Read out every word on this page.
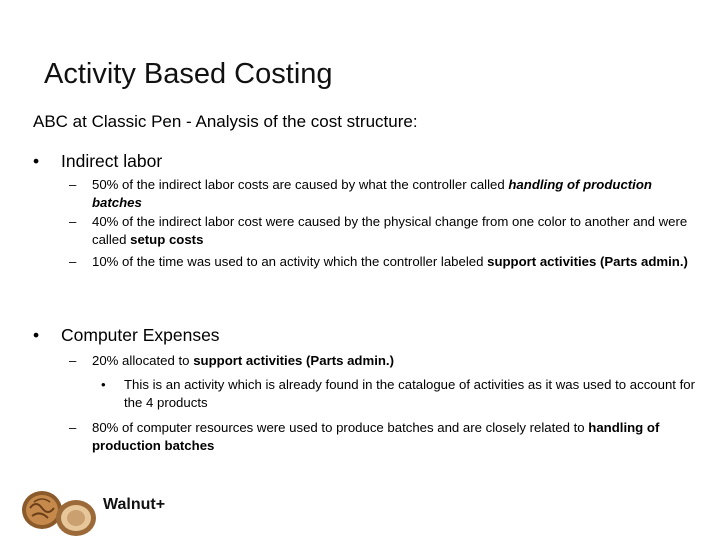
Activity Based Costing
ABC at Classic Pen - Analysis of the cost structure:
• Indirect labor
– 50% of the indirect labor costs are caused by what the controller called handling of production batches
– 40% of the indirect labor cost were caused by the physical change from one color to another and were called setup costs
– 10% of the time was used to an activity which the controller labeled support activities (Parts admin.)
• Computer Expenses
– 20% allocated to support activities (Parts admin.)
• This is an activity which is already found in the catalogue of activities as it was used to account for the 4 products
– 80% of computer resources were used to produce batches and are closely related to handling of production batches
Walnut+
